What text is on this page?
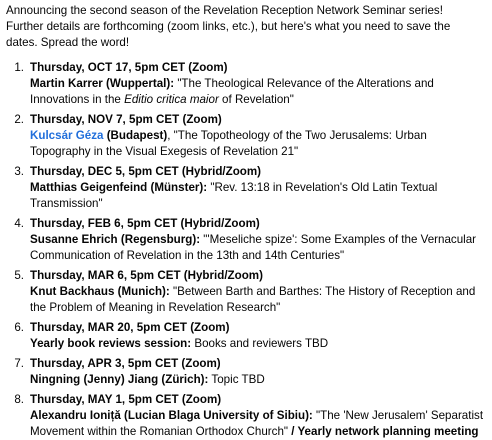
Announcing the second season of the Revelation Reception Network Seminar series! Further details are forthcoming (zoom links, etc.), but here's what you need to save the dates. Spread the word!

1. Thursday, OCT 17, 5pm CET (Zoom)
Martin Karrer (Wuppertal): "The Theological Relevance of the Alterations and Innovations in the Editio critica maior of Revelation"
2. Thursday, NOV 7, 5pm CET (Zoom)
Kulcsár Géza (Budapest), "The Topotheology of the Two Jerusalems: Urban Topography in the Visual Exegesis of Revelation 21"
3. Thursday, DEC 5, 5pm CET (Hybrid/Zoom)
Matthias Geigenfeind (Münster): "Rev. 13:18 in Revelation's Old Latin Textual Transmission"
4. Thursday, FEB 6, 5pm CET (Hybrid/Zoom)
Susanne Ehrich (Regensburg): "'Meseliche spize': Some Examples of the Vernacular Communication of Revelation in the 13th and 14th Centuries"
5. Thursday, MAR 6, 5pm CET (Hybrid/Zoom)
Knut Backhaus (Munich): "Between Barth and Barthes: The History of Reception and the Problem of Meaning in Revelation Research"
6. Thursday, MAR 20, 5pm CET (Zoom)
Yearly book reviews session: Books and reviewers TBD
7. Thursday, APR 3, 5pm CET (Zoom)
Ningning (Jenny) Jiang (Zürich): Topic TBD
8. Thursday, MAY 1, 5pm CET (Zoom)
Alexandru Ioniță (Lucian Blaga University of Sibiu): "The 'New Jerusalem' Separatist Movement within the Romanian Orthodox Church" / Yearly network planning meeting
